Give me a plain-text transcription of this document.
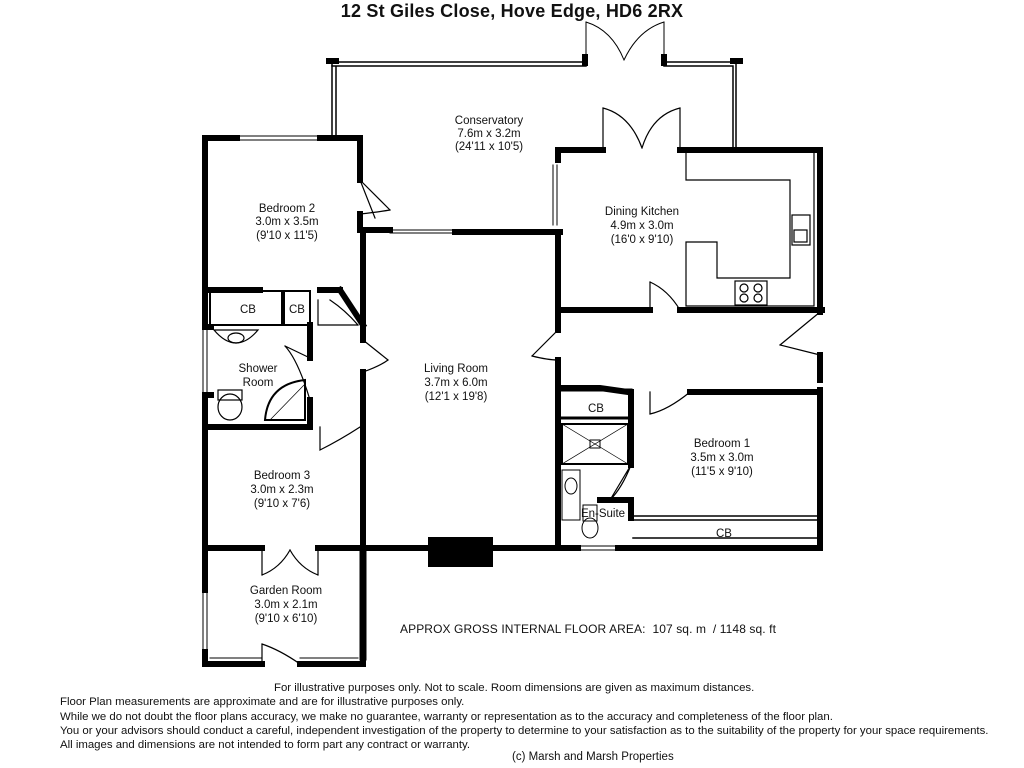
12 St Giles Close, Hove Edge, HD6 2RX
Conservatory
7.6m x 3.2m
(24'11 x 10'5)
Bedroom 2
3.0m x 3.5m
(9'10 x 11'5)
Dining Kitchen
4.9m x 3.0m
(16'0 x 9'10)
Living Room
3.7m x 6.0m
(12'1 x 19'8)
Shower
Room
Bedroom 1
3.5m x 3.0m
(11'5 x 9'10)
Bedroom 3
3.0m x 2.3m
(9'10 x 7'6)
Garden Room
3.0m x 2.1m
(9'10 x 6'10)
En-Suite
CB	CB
CB
CB
APPROX GROSS INTERNAL FLOOR AREA:  107 sq. m  / 1148 sq. ft
For illustrative purposes only. Not to scale. Room dimensions are given as maximum distances.
Floor Plan measurements are approximate and are for illustrative purposes only.
While we do not doubt the floor plans accuracy, we make no guarantee, warranty or representation as to the accuracy and completeness of the floor plan.
You or your advisors should conduct a careful, independent investigation of the property to determine to your satisfaction as to the suitability of the property for your space requirements.
All images and dimensions are not intended to form part any contract or warranty.
(c) Marsh and Marsh Properties
